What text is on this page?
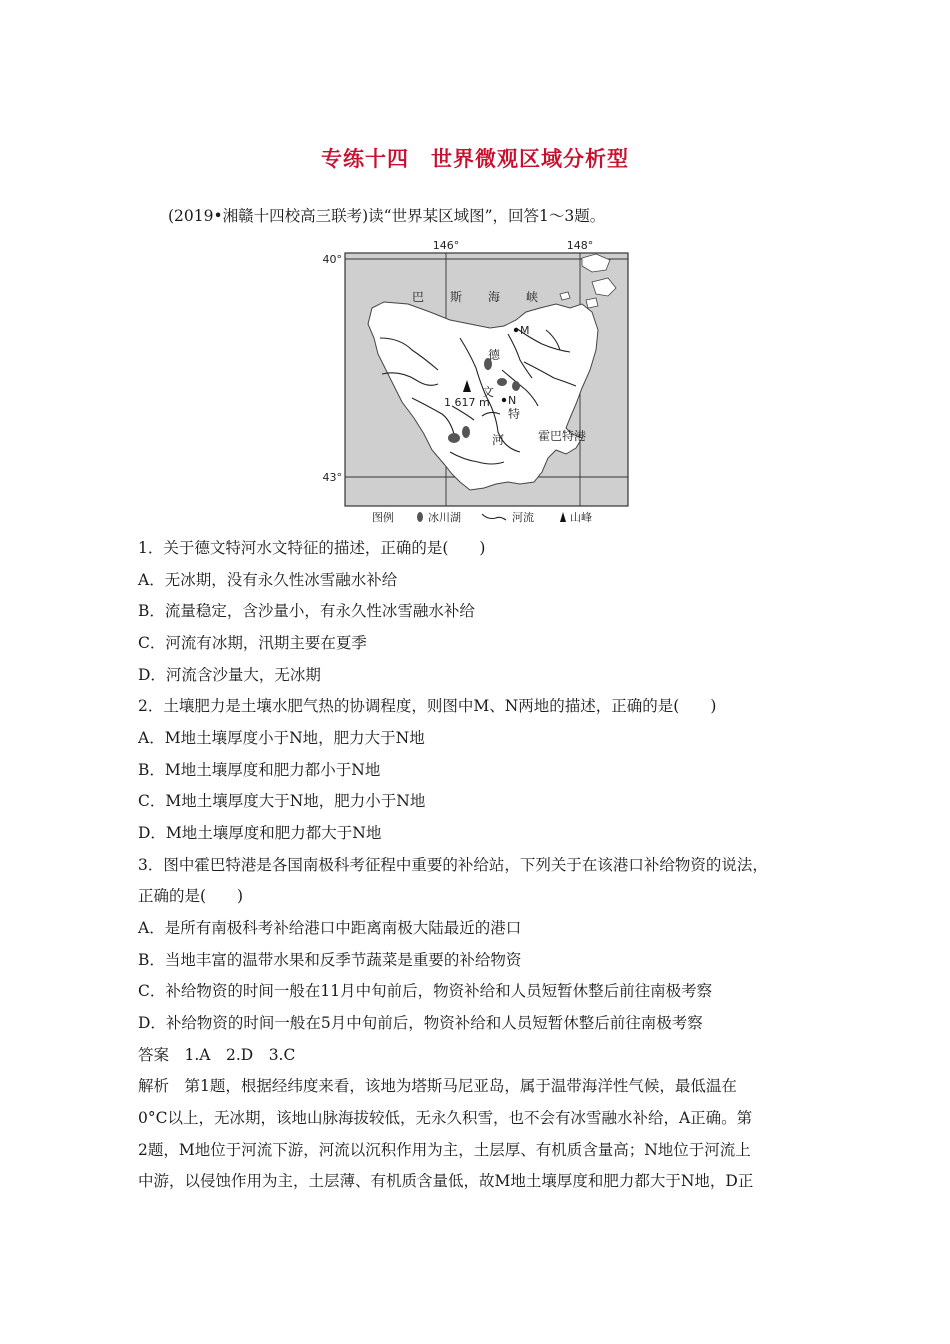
专练十四　世界微观区域分析型
(2019•湘赣十四校高三联考)读“世界某区域图”，回答1～3题。
146°	148°
40°
43°
巴 斯 海 峡
M
N
德
文
特
河
1 617 m
霍巴特港
图例	冰川湖	河流	山峰
1．关于德文特河水文特征的描述，正确的是(　　)
A．无冰期，没有永久性冰雪融水补给
B．流量稳定，含沙量小，有永久性冰雪融水补给
C．河流有冰期，汛期主要在夏季
D．河流含沙量大，无冰期
2．土壤肥力是土壤水肥气热的协调程度，则图中M、N两地的描述，正确的是(　　)
A．M地土壤厚度小于N地，肥力大于N地
B．M地土壤厚度和肥力都小于N地
C．M地土壤厚度大于N地，肥力小于N地
D．M地土壤厚度和肥力都大于N地
3．图中霍巴特港是各国南极科考征程中重要的补给站，下列关于在该港口补给物资的说法，
正确的是(　　)
A．是所有南极科考补给港口中距离南极大陆最近的港口
B．当地丰富的温带水果和反季节蔬菜是重要的补给物资
C．补给物资的时间一般在11月中旬前后，物资补给和人员短暂休整后前往南极考察
D．补给物资的时间一般在5月中旬前后，物资补给和人员短暂休整后前往南极考察
答案　1.A　2.D　3.C
解析　第1题，根据经纬度来看，该地为塔斯马尼亚岛，属于温带海洋性气候，最低温在
0°C以上，无冰期，该地山脉海拔较低，无永久积雪，也不会有冰雪融水补给，A正确。第
2题，M地位于河流下游，河流以沉积作用为主，土层厚、有机质含量高；N地位于河流上
中游，以侵蚀作用为主，土层薄、有机质含量低，故M地土壤厚度和肥力都大于N地，D正
